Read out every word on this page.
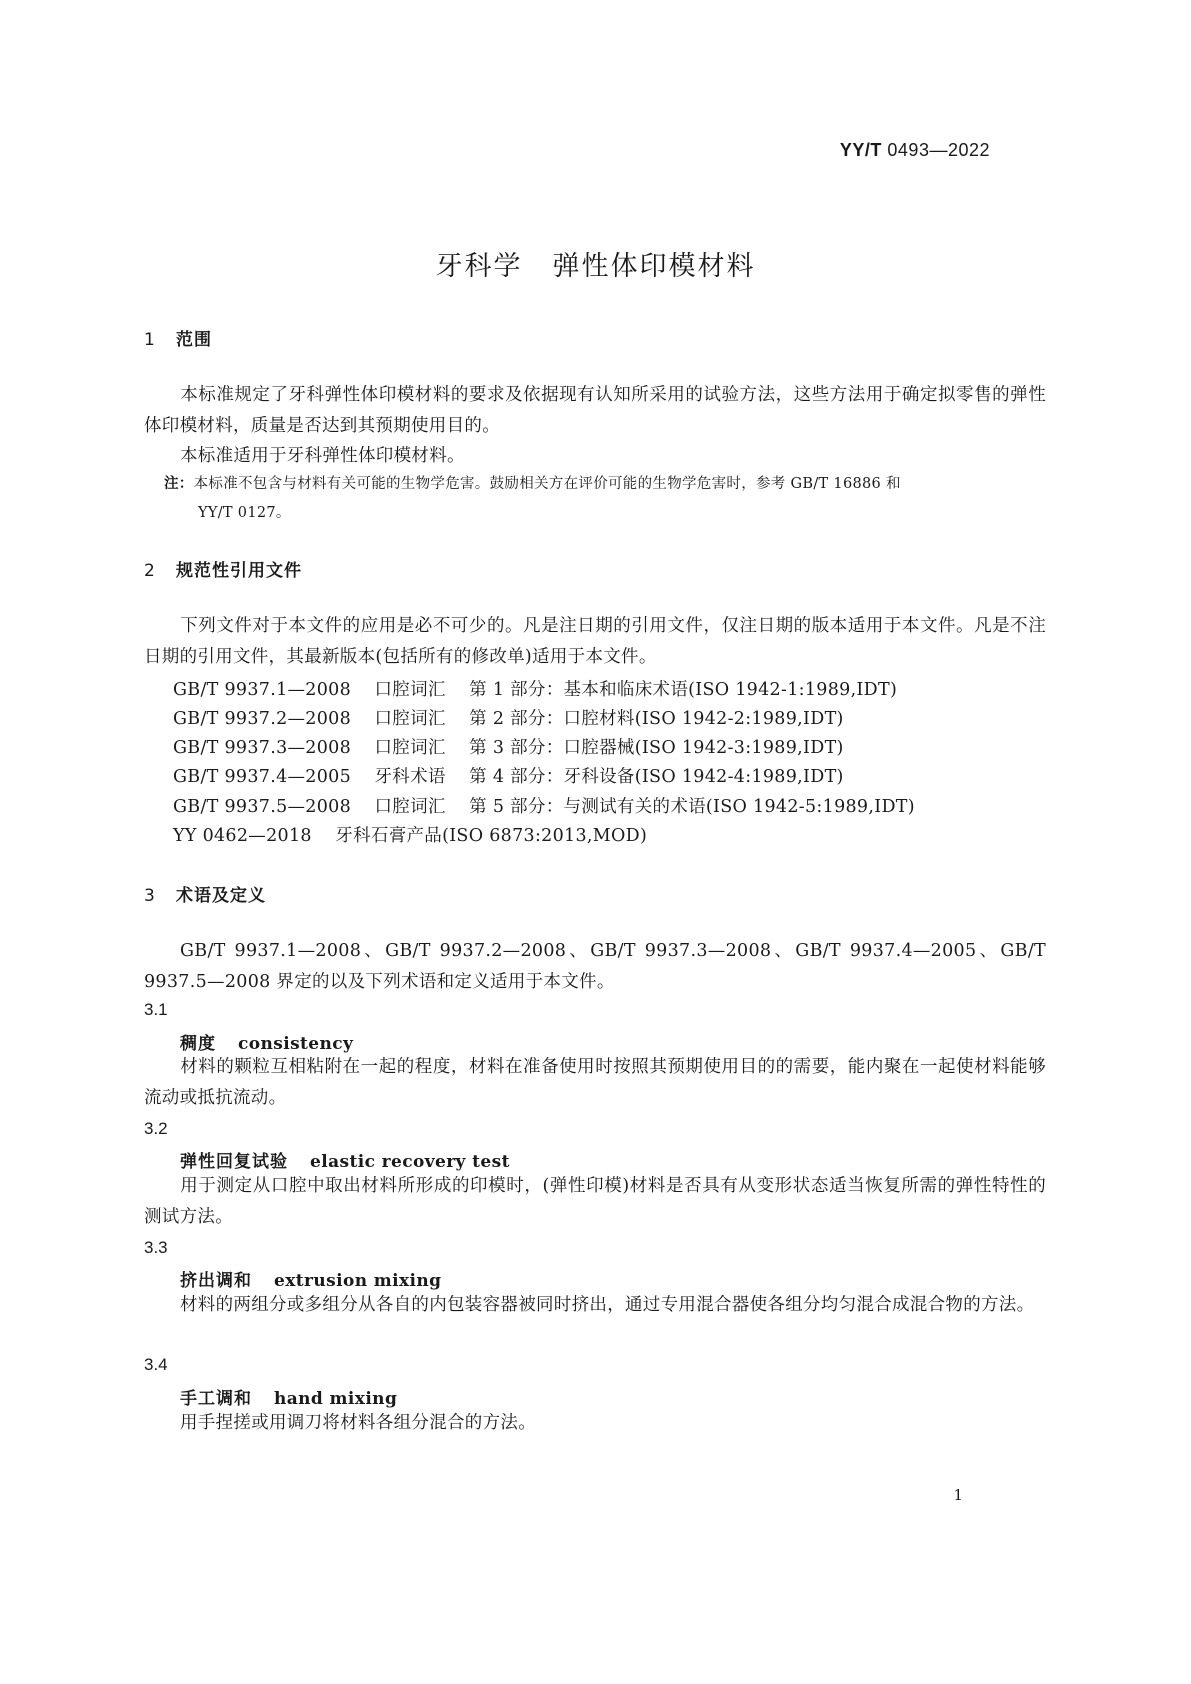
YY/T 0493—2022
牙科学 弹性体印模材料
1 范围
本标准规定了牙科弹性体印模材料的要求及依据现有认知所采用的试验方法，这些方法用于确定拟零售的弹性体印模材料，质量是否达到其预期使用目的。
本标准适用于牙科弹性体印模材料。
注：本标准不包含与材料有关可能的生物学危害。鼓励相关方在评价可能的生物学危害时，参考 GB/T 16886 和
YY/T 0127。
2 规范性引用文件
下列文件对于本文件的应用是必不可少的。凡是注日期的引用文件，仅注日期的版本适用于本文件。凡是不注日期的引用文件，其最新版本(包括所有的修改单)适用于本文件。
GB/T 9937.1—2008 口腔词汇 第 1 部分：基本和临床术语(ISO 1942-1:1989,IDT)
GB/T 9937.2—2008 口腔词汇 第 2 部分：口腔材料(ISO 1942-2:1989,IDT)
GB/T 9937.3—2008 口腔词汇 第 3 部分：口腔器械(ISO 1942-3:1989,IDT)
GB/T 9937.4—2005 牙科术语 第 4 部分：牙科设备(ISO 1942-4:1989,IDT)
GB/T 9937.5—2008 口腔词汇 第 5 部分：与测试有关的术语(ISO 1942-5:1989,IDT)
YY 0462—2018 牙科石膏产品(ISO 6873:2013,MOD)
3 术语及定义
GB/T 9937.1—2008、GB/T 9937.2—2008、GB/T 9937.3—2008、GB/T 9937.4—2005、GB/T 9937.5—2008 界定的以及下列术语和定义适用于本文件。
3.1
稠度 consistency
材料的颗粒互相粘附在一起的程度，材料在准备使用时按照其预期使用目的的需要，能内聚在一起使材料能够流动或抵抗流动。
3.2
弹性回复试验 elastic recovery test
用于测定从口腔中取出材料所形成的印模时，(弹性印模)材料是否具有从变形状态适当恢复所需的弹性特性的测试方法。
3.3
挤出调和 extrusion mixing
材料的两组分或多组分从各自的内包装容器被同时挤出，通过专用混合器使各组分均匀混合成混合物的方法。
3.4
手工调和 hand mixing
用手捏搓或用调刀将材料各组分混合的方法。
1
